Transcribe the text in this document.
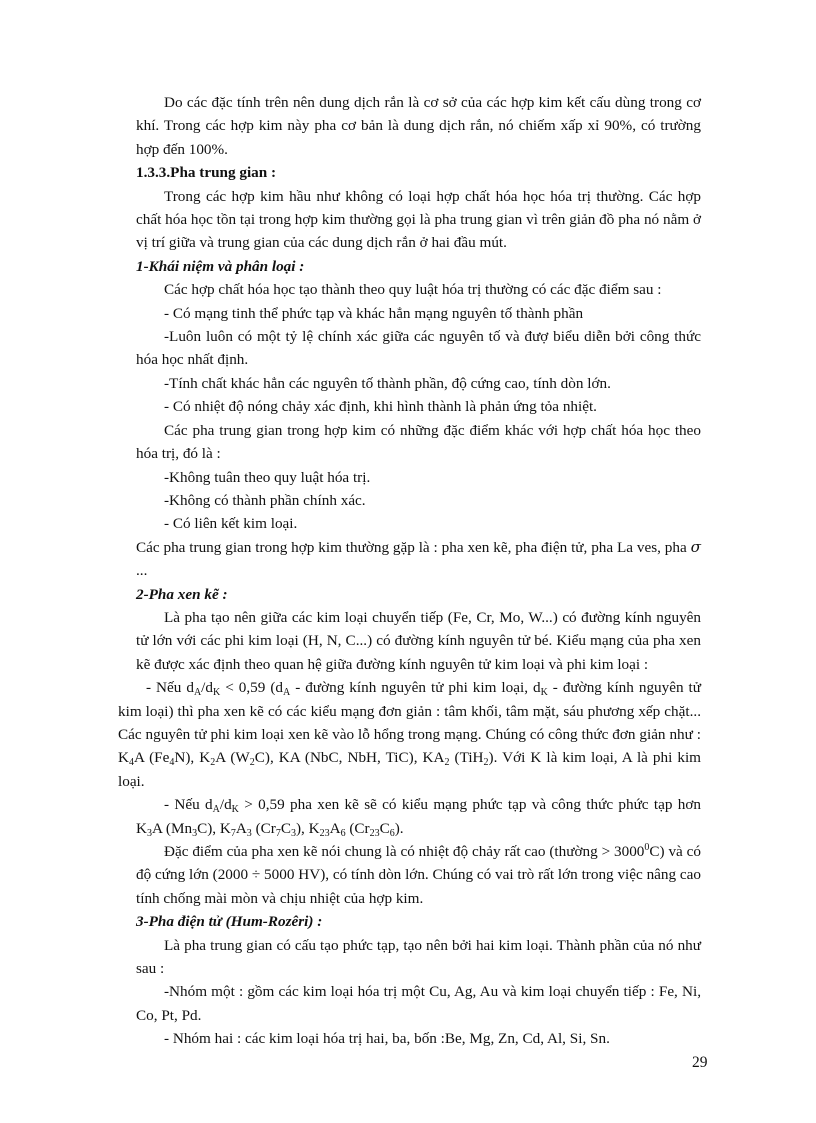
Do các đặc tính trên nên dung dịch rắn là cơ sở của các hợp kim kết cấu dùng trong cơ khí. Trong các hợp kim này pha cơ bản là dung dịch rắn, nó chiếm xấp xỉ 90%, có trường hợp đến 100%.

1.3.3.Pha trung gian :

Trong các hợp kim hầu như không có loại hợp chất hóa học hóa trị thường. Các hợp chất hóa học tồn tại trong hợp kim thường gọi là pha trung gian vì trên giản đồ pha nó nằm ở vị trí giữa và trung gian của các dung dịch rắn ở hai đầu mút.

1-Khái niệm và phân loại :

Các hợp chất hóa học tạo thành theo quy luật hóa trị thường có các đặc điểm sau :

- Có mạng tinh thể phức tạp và khác hẳn mạng nguyên tố thành phần

-Luôn luôn có một tỷ lệ chính xác giữa các nguyên tố và đượ biểu diễn bởi công thức hóa học nhất định.

-Tính chất khác hẳn các nguyên tố thành phần, độ cứng cao, tính dòn lớn.

- Có nhiệt độ nóng chảy xác định, khi hình thành là phản ứng tỏa nhiệt.

Các pha trung gian trong hợp kim có những đặc điểm khác với hợp chất hóa học theo hóa trị, đó là :

-Không tuân theo quy luật hóa trị.

-Không có thành phần chính xác.

- Có liên kết kim loại.

Các pha trung gian trong hợp kim thường gặp là : pha xen kẽ, pha điện tử, pha La ves, pha σ ...

2-Pha xen kẽ :

Là pha tạo nên giữa các kim loại chuyển tiếp (Fe, Cr, Mo, W...) có đường kính nguyên tử lớn với các phi kim loại (H, N, C...) có đường kính nguyên tử bé. Kiểu mạng của pha xen kẽ được xác định theo quan hệ giữa đường kính nguyên tử kim loại và phi kim loại :

- Nếu $d_A/d_K < 0,59$ ($d_A$ - đường kính nguyên tử phi kim loại, $d_K$ - đường kính nguyên tử kim loại) thì pha xen kẽ có các kiểu mạng đơn giản : tâm khối, tâm mặt, sáu phương xếp chặt... Các nguyên tử phi kim loại xen kẽ vào lỗ hổng trong mạng. Chúng có công thức đơn giản như : $K_4A$ $(Fe_4N)$, $K_2A$ $(W_2C)$, KA (NbC, NbH, TiC), $KA_2$ (TiH$_2$). Với K là kim loại, A là phi kim loại.

- Nếu $d_A/d_K > 0,59$ pha xen kẽ sẽ có kiểu mạng phức tạp và công thức phức tạp hơn $K_3A$ $(Mn_3C)$, $K_7A_3$ $(Cr_7C_3)$, $K_{23}A_6$ $(Cr_{23}C_6)$.

Đặc điểm của pha xen kẽ nói chung là có nhiệt độ chảy rất cao (thường > $3000^0C$) và có độ cứng lớn (2000 ÷ 5000 HV), có tính dòn lớn. Chúng có vai trò rất lớn trong việc nâng cao tính chống mài mòn và chịu nhiệt của hợp kim.

3-Pha điện tử (Hum-Rozêri) :

Là pha trung gian có cấu tạo phức tạp, tạo nên bởi hai kim loại. Thành phần của nó như sau :

-Nhóm một : gồm các kim loại hóa trị một Cu, Ag, Au và kim loại chuyển tiếp : Fe, Ni, Co, Pt, Pd.

- Nhóm hai : các kim loại hóa trị hai, ba, bốn :Be, Mg, Zn, Cd, Al, Si, Sn.

29
